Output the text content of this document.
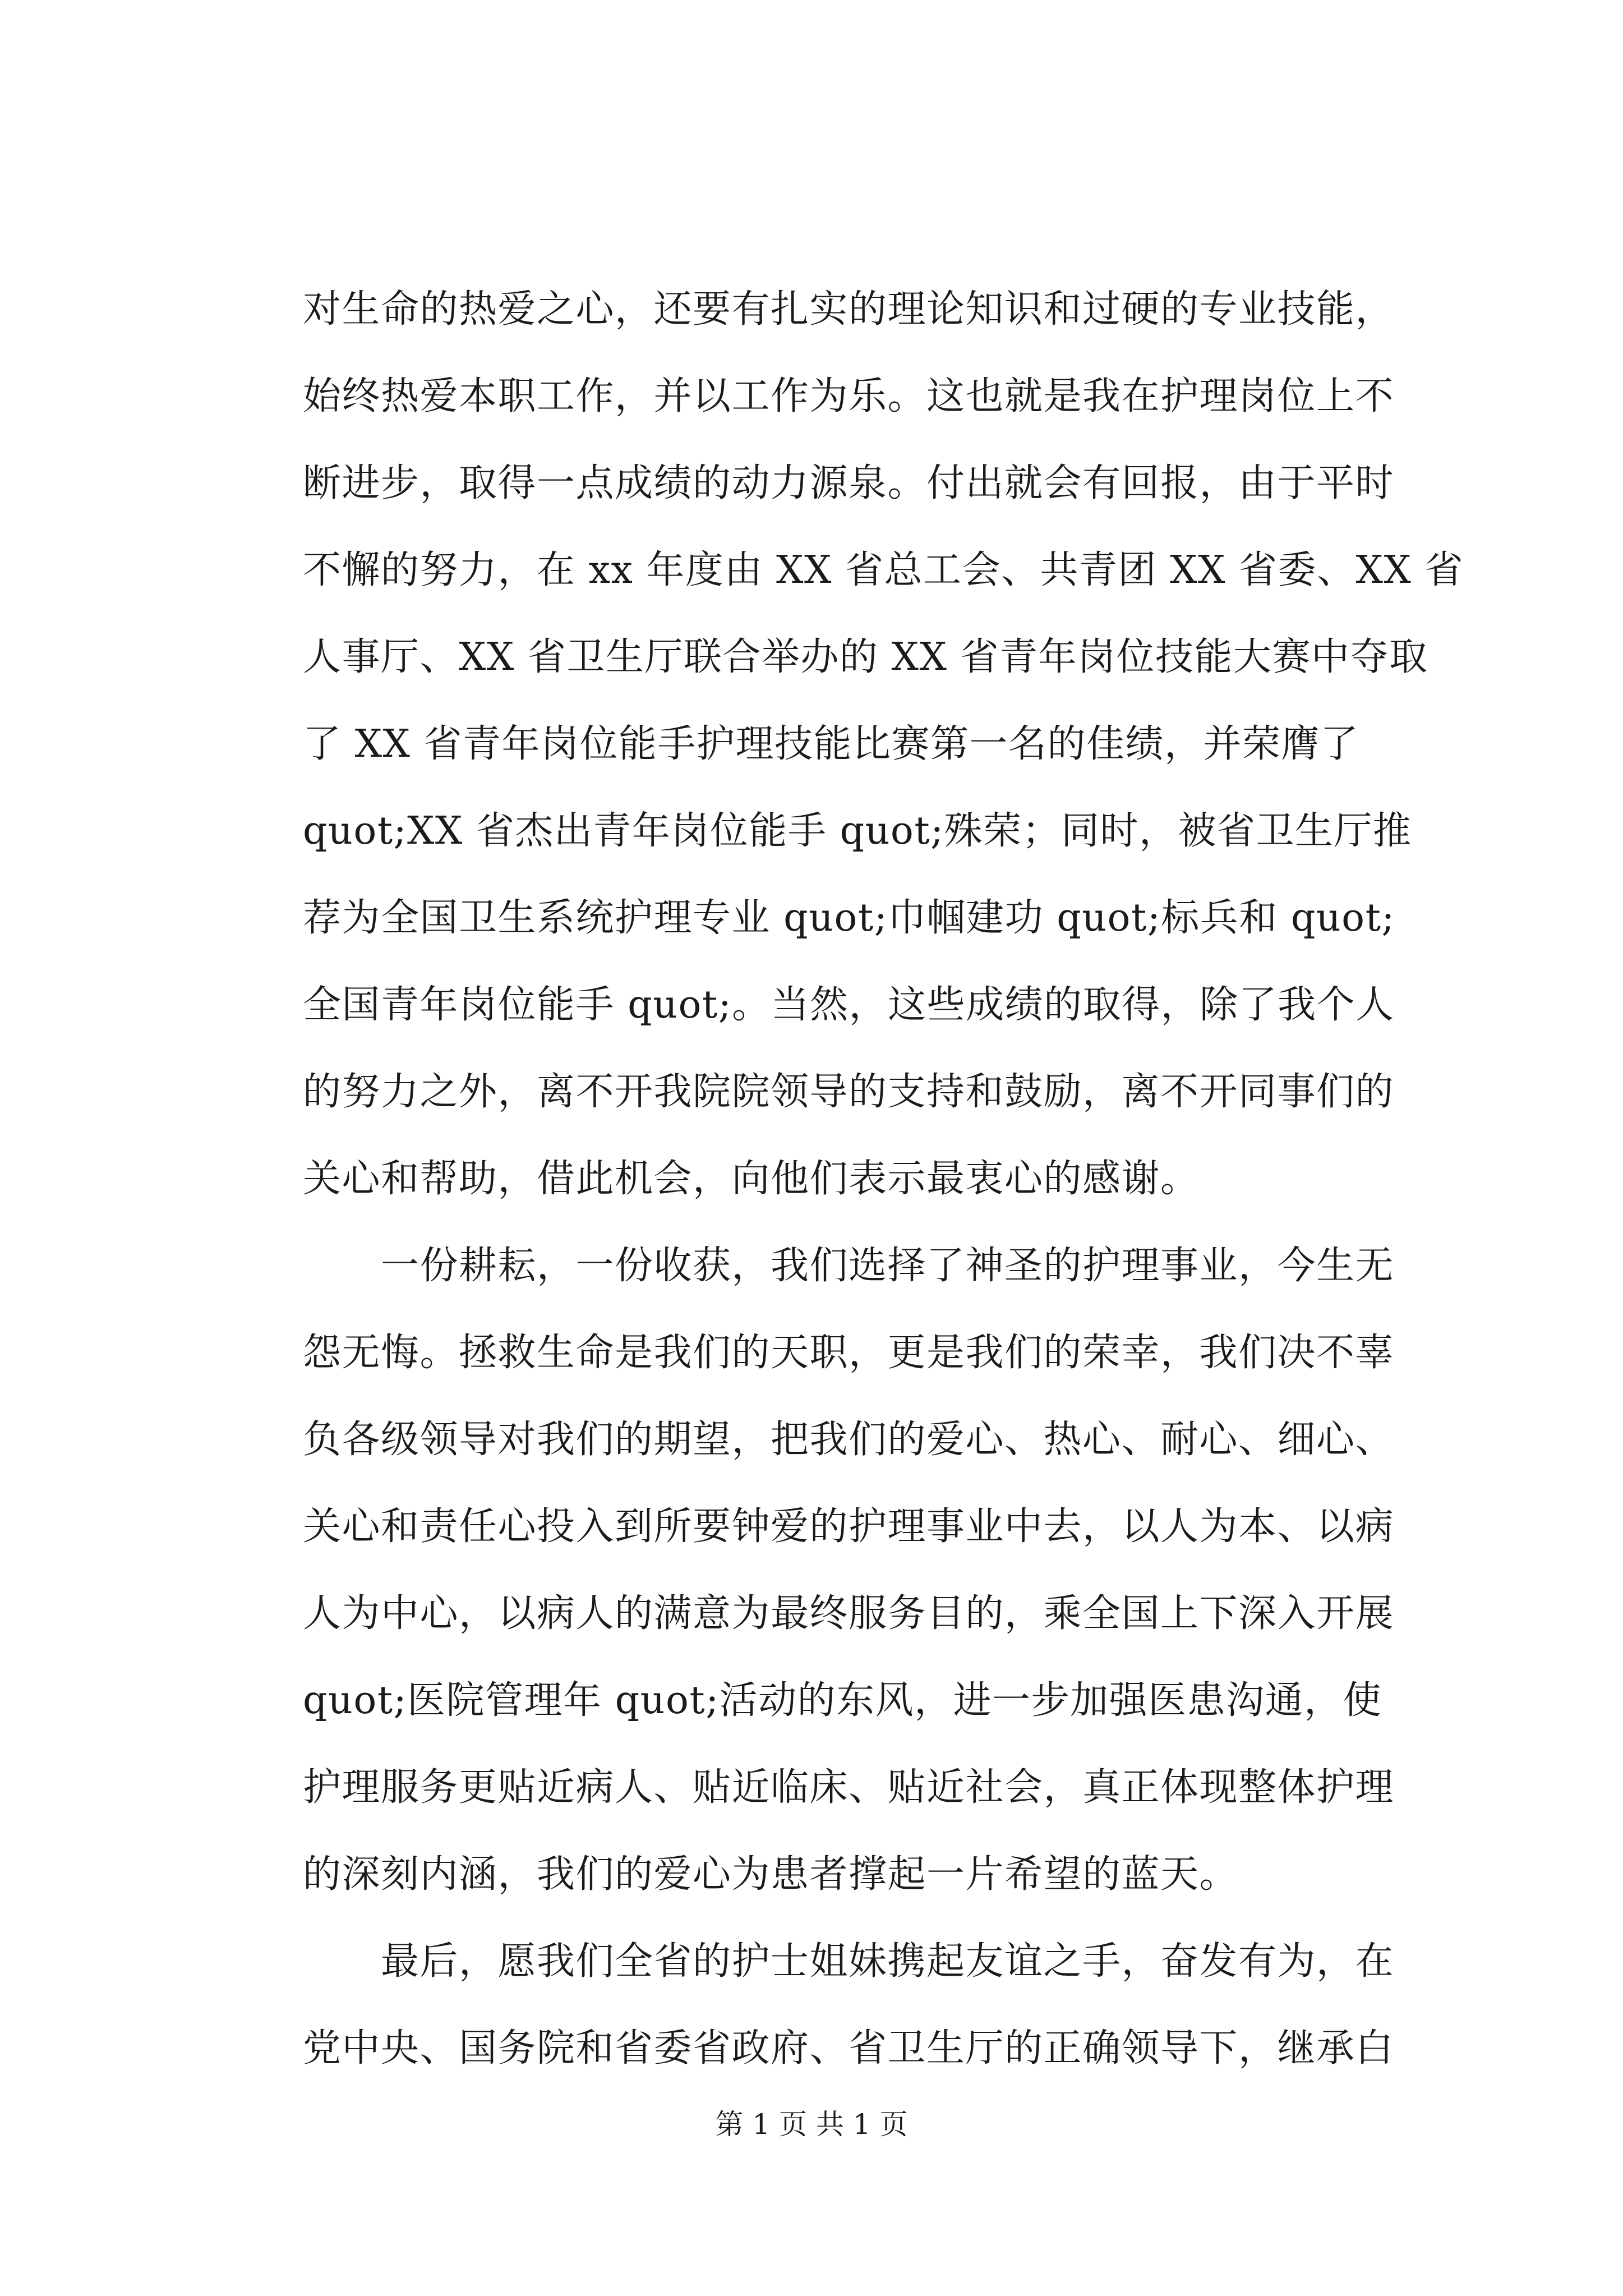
对生命的热爱之心，还要有扎实的理论知识和过硬的专业技能，
始终热爱本职工作，并以工作为乐。这也就是我在护理岗位上不
断进步，取得一点成绩的动力源泉。付出就会有回报，由于平时
不懈的努力，在 xx 年度由 XX 省总工会、共青团 XX 省委、XX 省
人事厅、XX 省卫生厅联合举办的 XX 省青年岗位技能大赛中夺取
了 XX 省青年岗位能手护理技能比赛第一名的佳绩，并荣膺了
quot;XX 省杰出青年岗位能手 quot;殊荣；同时，被省卫生厅推
荐为全国卫生系统护理专业 quot;巾帼建功 quot;标兵和 quot;
全国青年岗位能手 quot;。当然，这些成绩的取得，除了我个人
的努力之外，离不开我院院领导的支持和鼓励，离不开同事们的
关心和帮助，借此机会，向他们表示最衷心的感谢。
　　一份耕耘，一份收获，我们选择了神圣的护理事业，今生无
怨无悔。拯救生命是我们的天职，更是我们的荣幸，我们决不辜
负各级领导对我们的期望，把我们的爱心、热心、耐心、细心、
关心和责任心投入到所要钟爱的护理事业中去，以人为本、以病
人为中心，以病人的满意为最终服务目的，乘全国上下深入开展
quot;医院管理年 quot;活动的东风，进一步加强医患沟通，使
护理服务更贴近病人、贴近临床、贴近社会，真正体现整体护理
的深刻内涵，我们的爱心为患者撑起一片希望的蓝天。
　　最后，愿我们全省的护士姐妹携起友谊之手，奋发有为，在
党中央、国务院和省委省政府、省卫生厅的正确领导下，继承白
第 1 页 共 1 页
